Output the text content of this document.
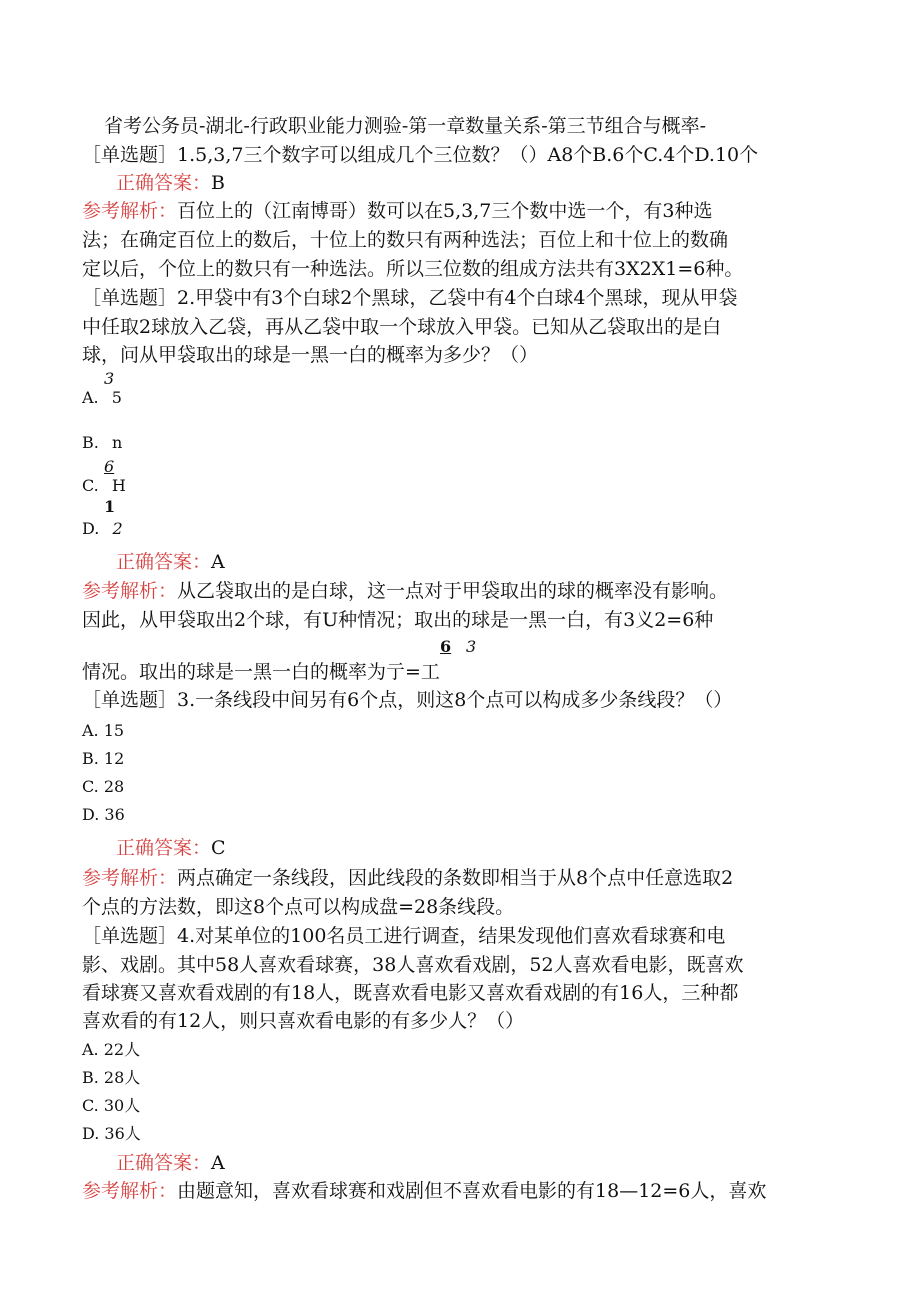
省考公务员-湖北-行政职业能力测验-第一章数量关系-第三节组合与概率-
［单选题］1.5,3,7三个数字可以组成几个三位数？（）A8个B.6个C.4个D.10个
正确答案：B
参考解析：百位上的（江南博哥）数可以在5,3,7三个数中选一个，有3种选
法；在确定百位上的数后，十位上的数只有两种选法；百位上和十位上的数确
定以后，个位上的数只有一种选法。所以三位数的组成方法共有3X2X1=6种。
［单选题］2.甲袋中有3个白球2个黑球，乙袋中有4个白球4个黑球，现从甲袋
中任取2球放入乙袋，再从乙袋中取一个球放入甲袋。已知从乙袋取出的是白
球，问从甲袋取出的球是一黑一白的概率为多少？（）
3
A. 5
B. n
6
C. H
1
D. 2
正确答案：A
参考解析：从乙袋取出的是白球，这一点对于甲袋取出的球的概率没有影响。
因此，从甲袋取出2个球，有U种情况；取出的球是一黑一白，有3义2=6种
6 3
情况。取出的球是一黑一白的概率为亍=工
［单选题］3.一条线段中间另有6个点，则这8个点可以构成多少条线段？（）
A. 15
B. 12
C. 28
D. 36
正确答案：C
参考解析：两点确定一条线段，因此线段的条数即相当于从8个点中任意选取2
个点的方法数，即这8个点可以构成盘=28条线段。
［单选题］4.对某单位的100名员工进行调查，结果发现他们喜欢看球赛和电
影、戏剧。其中58人喜欢看球赛，38人喜欢看戏剧，52人喜欢看电影，既喜欢
看球赛又喜欢看戏剧的有18人，既喜欢看电影又喜欢看戏剧的有16人，三种都
喜欢看的有12人，则只喜欢看电影的有多少人？（）
A. 22人
B. 28人
C. 30人
D. 36人
正确答案：A
参考解析：由题意知，喜欢看球赛和戏剧但不喜欢看电影的有18—12=6人，喜欢
